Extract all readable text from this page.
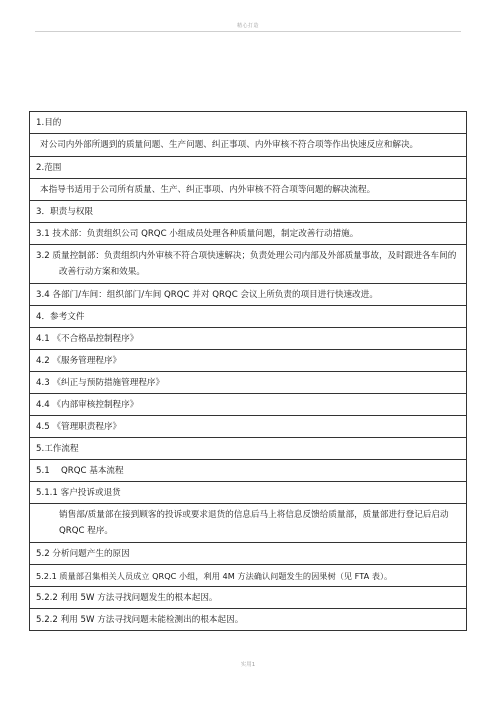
精心打造
1.目的
对公司内外部所遇到的质量问题、生产问题、纠正事项、内外审核不符合项等作出快速反应和解决。
2.范围
本指导书适用于公司所有质量、生产、纠正事项、内外审核不符合项等问题的解决流程。
3．职责与权限
3.1 技术部：负责组织公司 QRQC 小组成员处理各种质量问题，制定改善行动措施。
3.2 质量控制部：负责组织内外审核不符合项快速解决；负责处理公司内部及外部质量事故，及时跟进各车间的改善行动方案和效果。
3.4 各部门/车间：组织部门/车间 QRQC 并对 QRQC 会议上所负责的项目进行快速改进。
4．参考文件
4.1 《不合格品控制程序》
4.2 《服务管理程序》
4.3 《纠正与预防措施管理程序》
4.4 《内部审核控制程序》
4.5 《管理职责程序》
5.工作流程
5.1　 QRQC 基本流程
5.1.1 客户投诉或退货
销售部/质量部在接到顾客的投诉或要求退货的信息后马上将信息反馈给质量部，质量部进行登记后启动 QRQC 程序。
5.2 分析问题产生的原因
5.2.1 质量部召集相关人员成立 QRQC 小组，利用 4M 方法确认问题发生的因果树（见 FTA 表）。
5.2.2 利用 5W 方法寻找问题发生的根本起因。
5.2.2 利用 5W 方法寻找问题未能检测出的根本起因。
实用1
